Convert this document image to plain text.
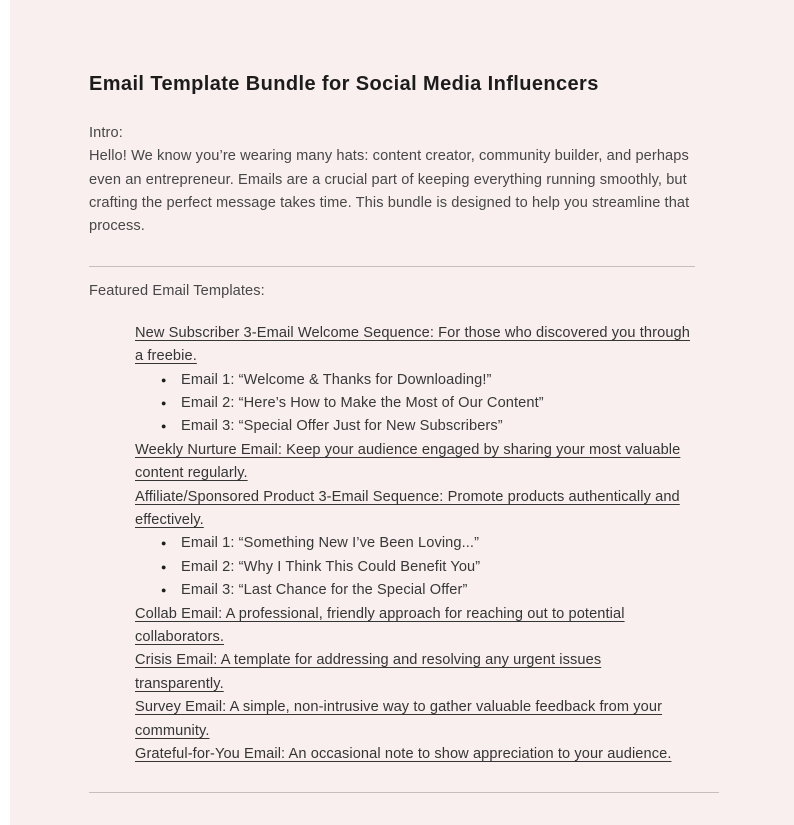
Email Template Bundle for Social Media Influencers

Intro:
Hello! We know you’re wearing many hats: content creator, community builder, and perhaps even an entrepreneur. Emails are a crucial part of keeping everything running smoothly, but crafting the perfect message takes time. This bundle is designed to help you streamline that process.

Featured Email Templates:

New Subscriber 3-Email Welcome Sequence: For those who discovered you through a freebie.
● Email 1: “Welcome & Thanks for Downloading!”
● Email 2: “Here’s How to Make the Most of Our Content”
● Email 3: “Special Offer Just for New Subscribers”
Weekly Nurture Email: Keep your audience engaged by sharing your most valuable content regularly.
Affiliate/Sponsored Product 3-Email Sequence: Promote products authentically and effectively.
● Email 1: “Something New I’ve Been Loving...”
● Email 2: “Why I Think This Could Benefit You”
● Email 3: “Last Chance for the Special Offer”
Collab Email: A professional, friendly approach for reaching out to potential collaborators.
Crisis Email: A template for addressing and resolving any urgent issues transparently.
Survey Email: A simple, non-intrusive way to gather valuable feedback from your community.
Grateful-for-You Email: An occasional note to show appreciation to your audience.
